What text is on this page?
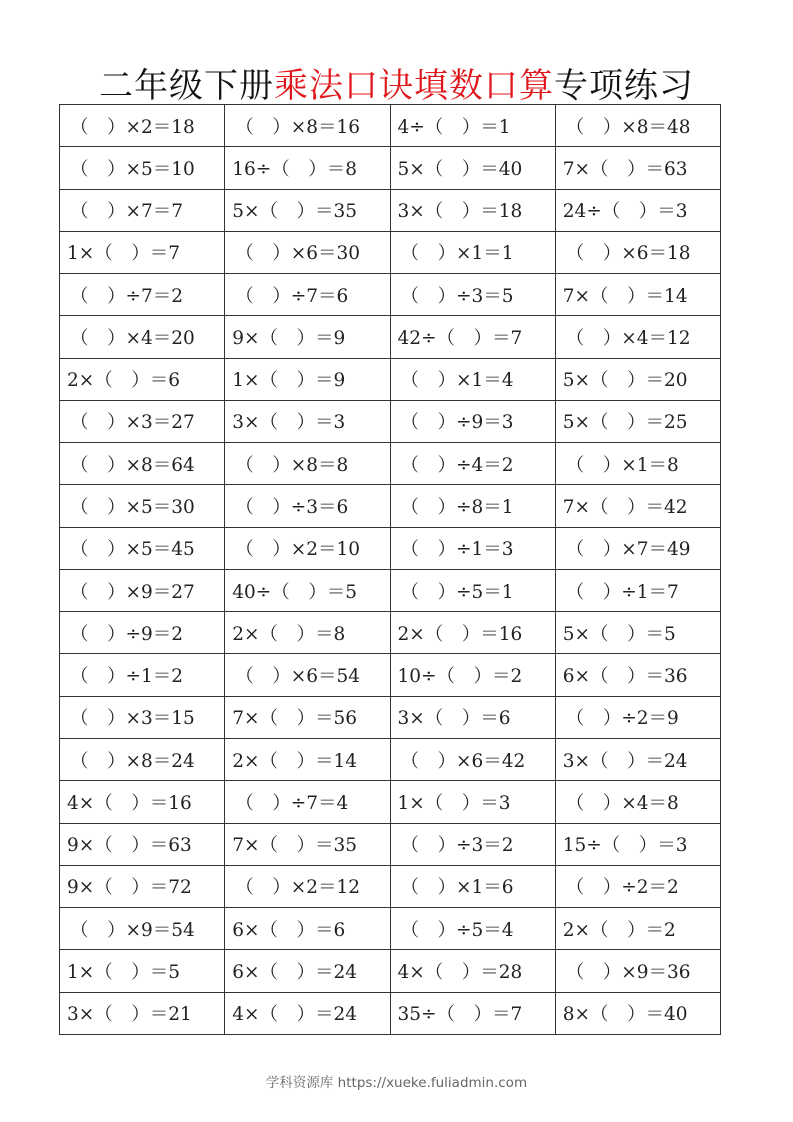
二年级下册乘法口诀填数口算专项练习
（　）×2＝18	（　）×8＝16	4÷（　）＝1	（　）×8＝48
（　）×5＝10	16÷（　）＝8	5×（　）＝40	7×（　）＝63
（　）×7＝7	5×（　）＝35	3×（　）＝18	24÷（　）＝3
1×（　）＝7	（　）×6＝30	（　）×1＝1	（　）×6＝18
（　）÷7＝2	（　）÷7＝6	（　）÷3＝5	7×（　）＝14
（　）×4＝20	9×（　）＝9	42÷（　）＝7	（　）×4＝12
2×（　）＝6	1×（　）＝9	（　）×1＝4	5×（　）＝20
（　）×3＝27	3×（　）＝3	（　）÷9＝3	5×（　）＝25
（　）×8＝64	（　）×8＝8	（　）÷4＝2	（　）×1＝8
（　）×5＝30	（　）÷3＝6	（　）÷8＝1	7×（　）＝42
（　）×5＝45	（　）×2＝10	（　）÷1＝3	（　）×7＝49
（　）×9＝27	40÷（　）＝5	（　）÷5＝1	（　）÷1＝7
（　）÷9＝2	2×（　）＝8	2×（　）＝16	5×（　）＝5
（　）÷1＝2	（　）×6＝54	10÷（　）＝2	6×（　）＝36
（　）×3＝15	7×（　）＝56	3×（　）＝6	（　）÷2＝9
（　）×8＝24	2×（　）＝14	（　）×6＝42	3×（　）＝24
4×（　）＝16	（　）÷7＝4	1×（　）＝3	（　）×4＝8
9×（　）＝63	7×（　）＝35	（　）÷3＝2	15÷（　）＝3
9×（　）＝72	（　）×2＝12	（　）×1＝6	（　）÷2＝2
（　）×9＝54	6×（　）＝6	（　）÷5＝4	2×（　）＝2
1×（　）＝5	6×（　）＝24	4×（　）＝28	（　）×9＝36
3×（　）＝21	4×（　）＝24	35÷（　）＝7	8×（　）＝40
学科资源库 https://xueke.fuliadmin.com
